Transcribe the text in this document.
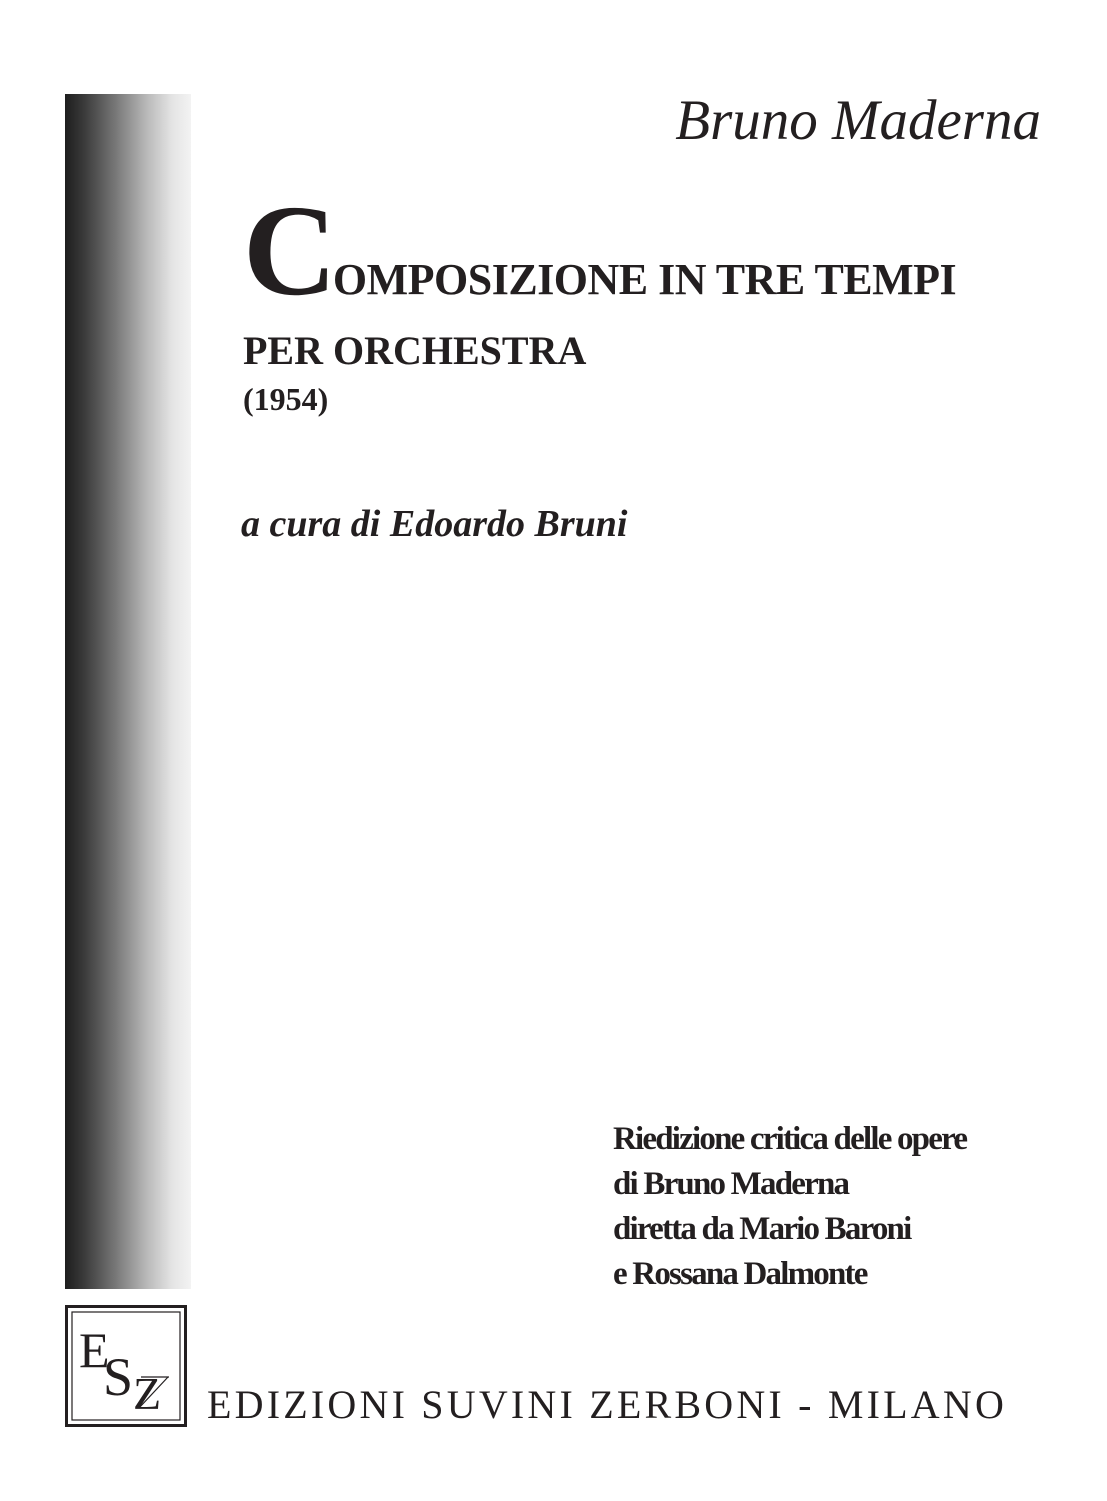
Bruno Maderna
COMPOSIZIONE IN TRE TEMPI
PER ORCHESTRA
(1954)
a cura di Edoardo Bruni
Riedizione critica delle opere
di Bruno Maderna
diretta da Mario Baroni
e Rossana Dalmonte
E
S Z EDIZIONI SUVINI ZERBONI - MILANO
